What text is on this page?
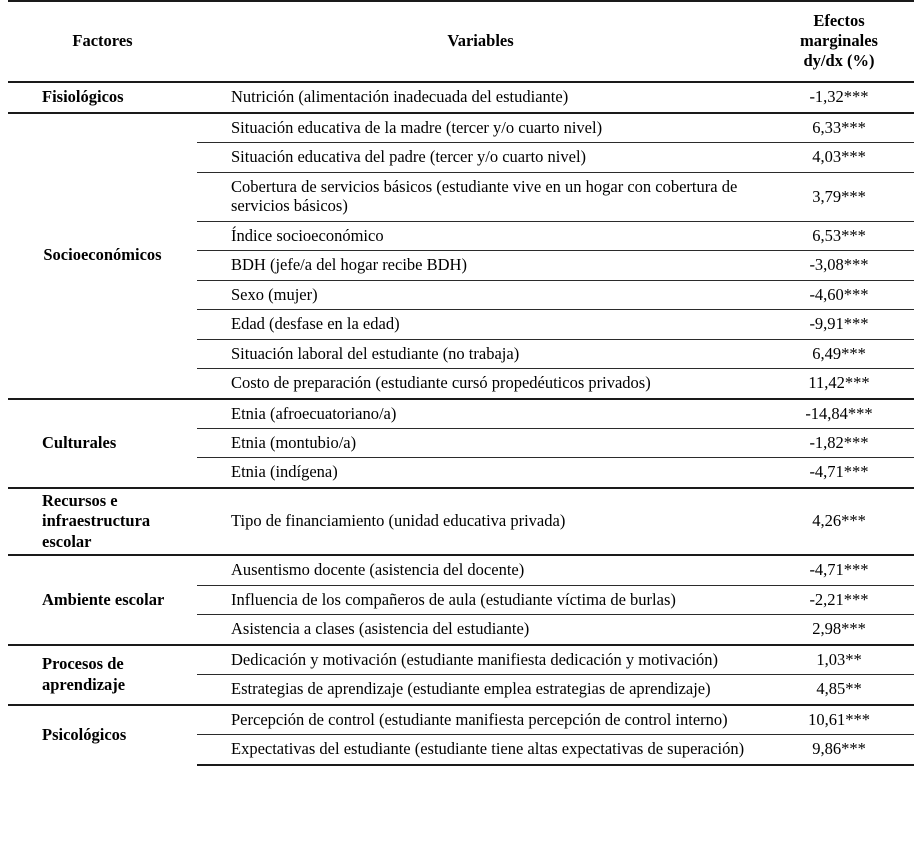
Factores	Variables	Efectos
marginales
dy/dx (%)

Fisiológicos	Nutrición (alimentación inadecuada del estudiante)	-1,32***
Socioeconómicos	Situación educativa de la madre (tercer y/o cuarto nivel)	6,33***
	Situación educativa del padre (tercer y/o cuarto nivel)	4,03***
	Cobertura de servicios básicos (estudiante vive en un hogar con cobertura de servicios básicos)	3,79***
	Índice socioeconómico	6,53***
	BDH (jefe/a del hogar recibe BDH)	-3,08***
	Sexo (mujer)	-4,60***
	Edad (desfase en la edad)	-9,91***
	Situación laboral del estudiante (no trabaja)	6,49***
	Costo de preparación (estudiante cursó propedéuticos privados)	11,42***
Culturales	Etnia (afroecuatoriano/a)	-14,84***
	Etnia (montubio/a)	-1,82***
	Etnia (indígena)	-4,71***
Recursos e infraestructura escolar	Tipo de financiamiento (unidad educativa privada)	4,26***
Ambiente escolar	Ausentismo docente (asistencia del docente)	-4,71***
	Influencia de los compañeros de aula (estudiante víctima de burlas)	-2,21***
	Asistencia a clases (asistencia del estudiante)	2,98***
Procesos de aprendizaje	Dedicación y motivación (estudiante manifiesta dedicación y motivación)	1,03**
	Estrategias de aprendizaje (estudiante emplea estrategias de aprendizaje)	4,85**
Psicológicos	Percepción de control (estudiante manifiesta percepción de control interno)	10,61***
	Expectativas del estudiante (estudiante tiene altas expectativas de superación)	9,86***
